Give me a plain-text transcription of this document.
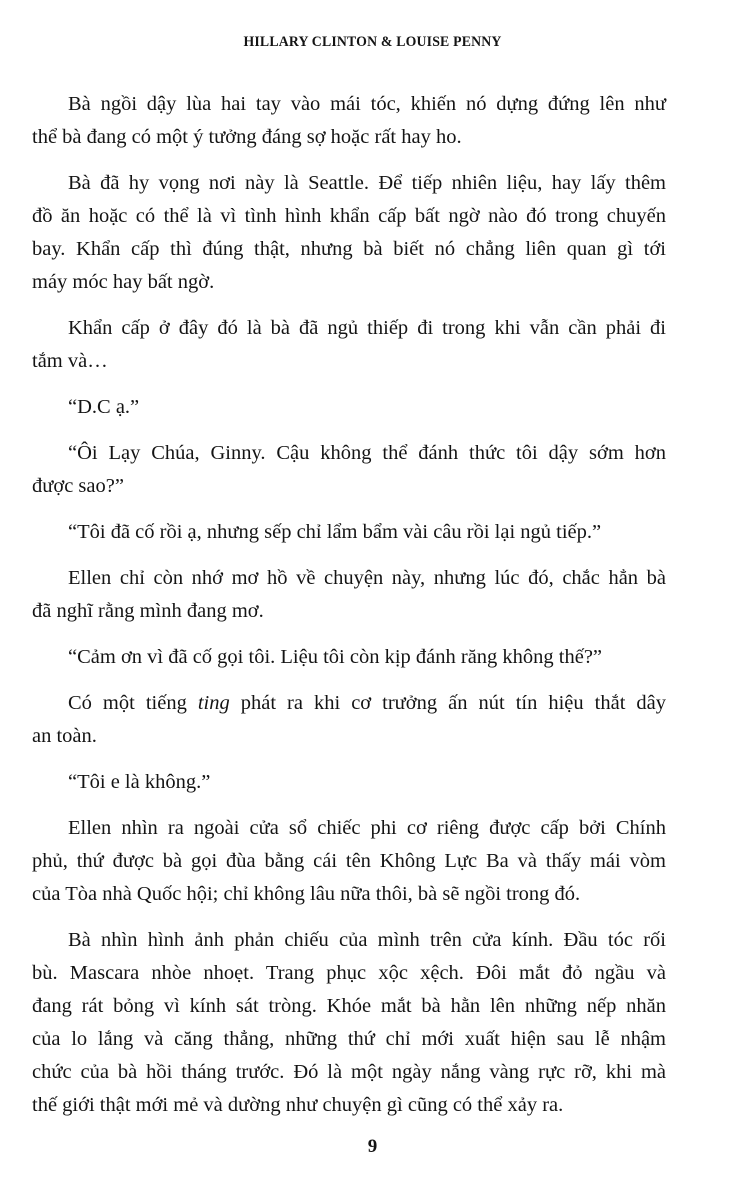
HILLARY CLINTON & LOUISE PENNY

Bà ngồi dậy lùa hai tay vào mái tóc, khiến nó dựng đứng lên như
thể bà đang có một ý tưởng đáng sợ hoặc rất hay ho.

Bà đã hy vọng nơi này là Seattle. Để tiếp nhiên liệu, hay lấy thêm
đồ ăn hoặc có thể là vì tình hình khẩn cấp bất ngờ nào đó trong chuyến
bay. Khẩn cấp thì đúng thật, nhưng bà biết nó chẳng liên quan gì tới
máy móc hay bất ngờ.

Khẩn cấp ở đây đó là bà đã ngủ thiếp đi trong khi vẫn cần phải đi
tắm và…

“D.C ạ.”

“Ôi Lạy Chúa, Ginny. Cậu không thể đánh thức tôi dậy sớm hơn
được sao?”

“Tôi đã cố rồi ạ, nhưng sếp chỉ lẩm bẩm vài câu rồi lại ngủ tiếp.”

Ellen chỉ còn nhớ mơ hồ về chuyện này, nhưng lúc đó, chắc hẳn bà
đã nghĩ rằng mình đang mơ.

“Cảm ơn vì đã cố gọi tôi. Liệu tôi còn kịp đánh răng không thế?”

Có một tiếng ting phát ra khi cơ trưởng ấn nút tín hiệu thắt dây
an toàn.

“Tôi e là không.”

Ellen nhìn ra ngoài cửa sổ chiếc phi cơ riêng được cấp bởi Chính
phủ, thứ được bà gọi đùa bằng cái tên Không Lực Ba và thấy mái vòm
của Tòa nhà Quốc hội; chỉ không lâu nữa thôi, bà sẽ ngồi trong đó.

Bà nhìn hình ảnh phản chiếu của mình trên cửa kính. Đầu tóc rối
bù. Mascara nhòe nhoẹt. Trang phục xộc xệch. Đôi mắt đỏ ngầu và
đang rát bỏng vì kính sát tròng. Khóe mắt bà hằn lên những nếp nhăn
của lo lắng và căng thẳng, những thứ chỉ mới xuất hiện sau lễ nhậm
chức của bà hồi tháng trước. Đó là một ngày nắng vàng rực rỡ, khi mà
thế giới thật mới mẻ và dường như chuyện gì cũng có thể xảy ra.

9
